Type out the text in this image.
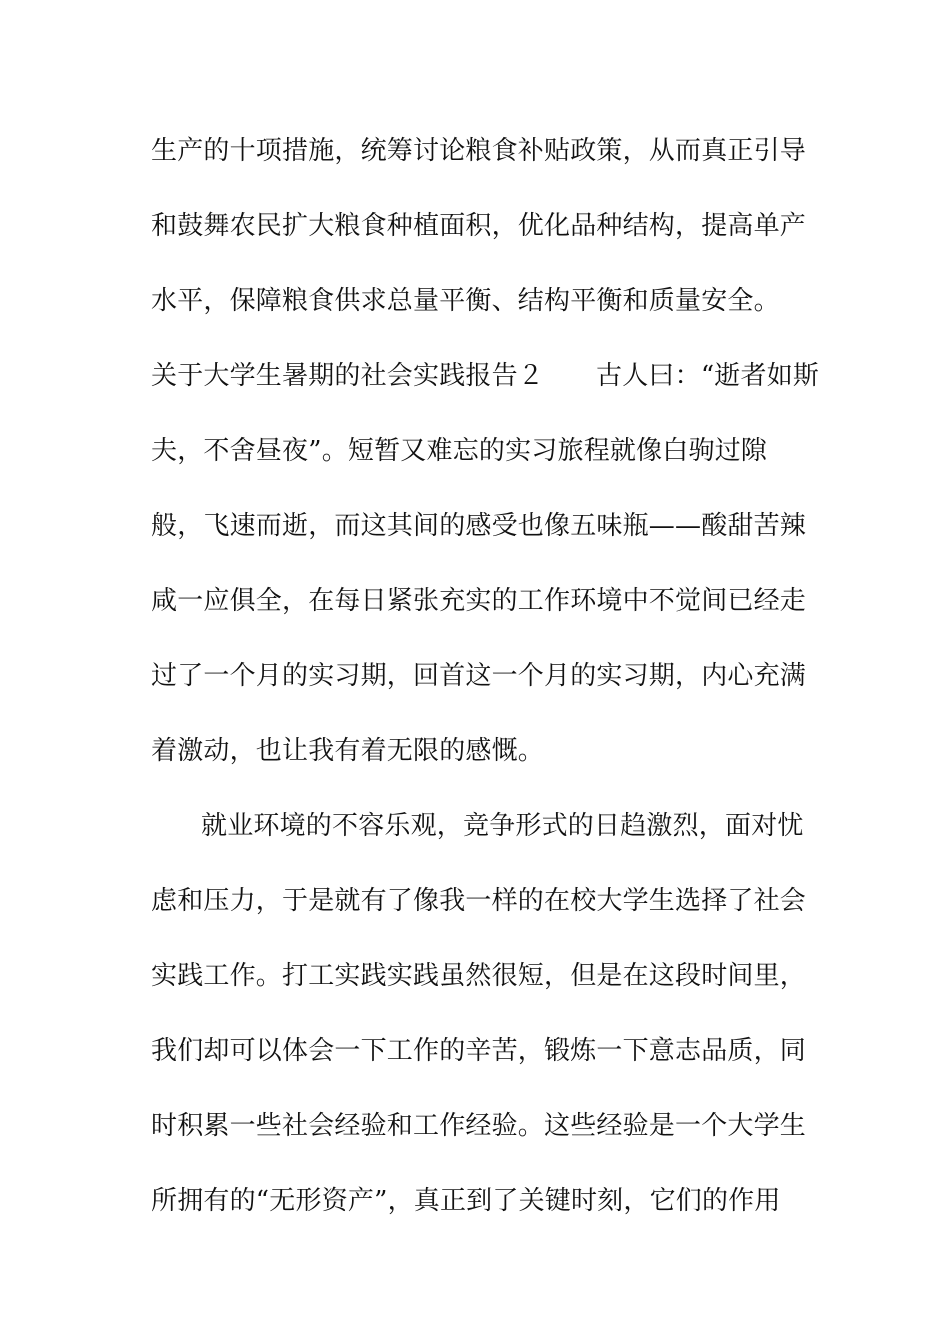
生产的十项措施，统筹讨论粮食补贴政策，从而真正引导
和鼓舞农民扩大粮食种植面积，优化品种结构，提高单产
水平，保障粮食供求总量平衡、结构平衡和质量安全。
关于大学生暑期的社会实践报告２ 古人曰：“逝者如斯
夫，不舍昼夜”。短暂又难忘的实习旅程就像白驹过隙
般，飞速而逝，而这其间的感受也像五味瓶——酸甜苦辣
咸一应俱全，在每日紧张充实的工作环境中不觉间已经走
过了一个月的实习期，回首这一个月的实习期，内心充满
着激动，也让我有着无限的感慨。
就业环境的不容乐观，竞争形式的日趋激烈，面对忧
虑和压力，于是就有了像我一样的在校大学生选择了社会
实践工作。打工实践实践虽然很短，但是在这段时间里，
我们却可以体会一下工作的辛苦，锻炼一下意志品质，同
时积累一些社会经验和工作经验。这些经验是一个大学生
所拥有的“无形资产”，真正到了关键时刻，它们的作用
